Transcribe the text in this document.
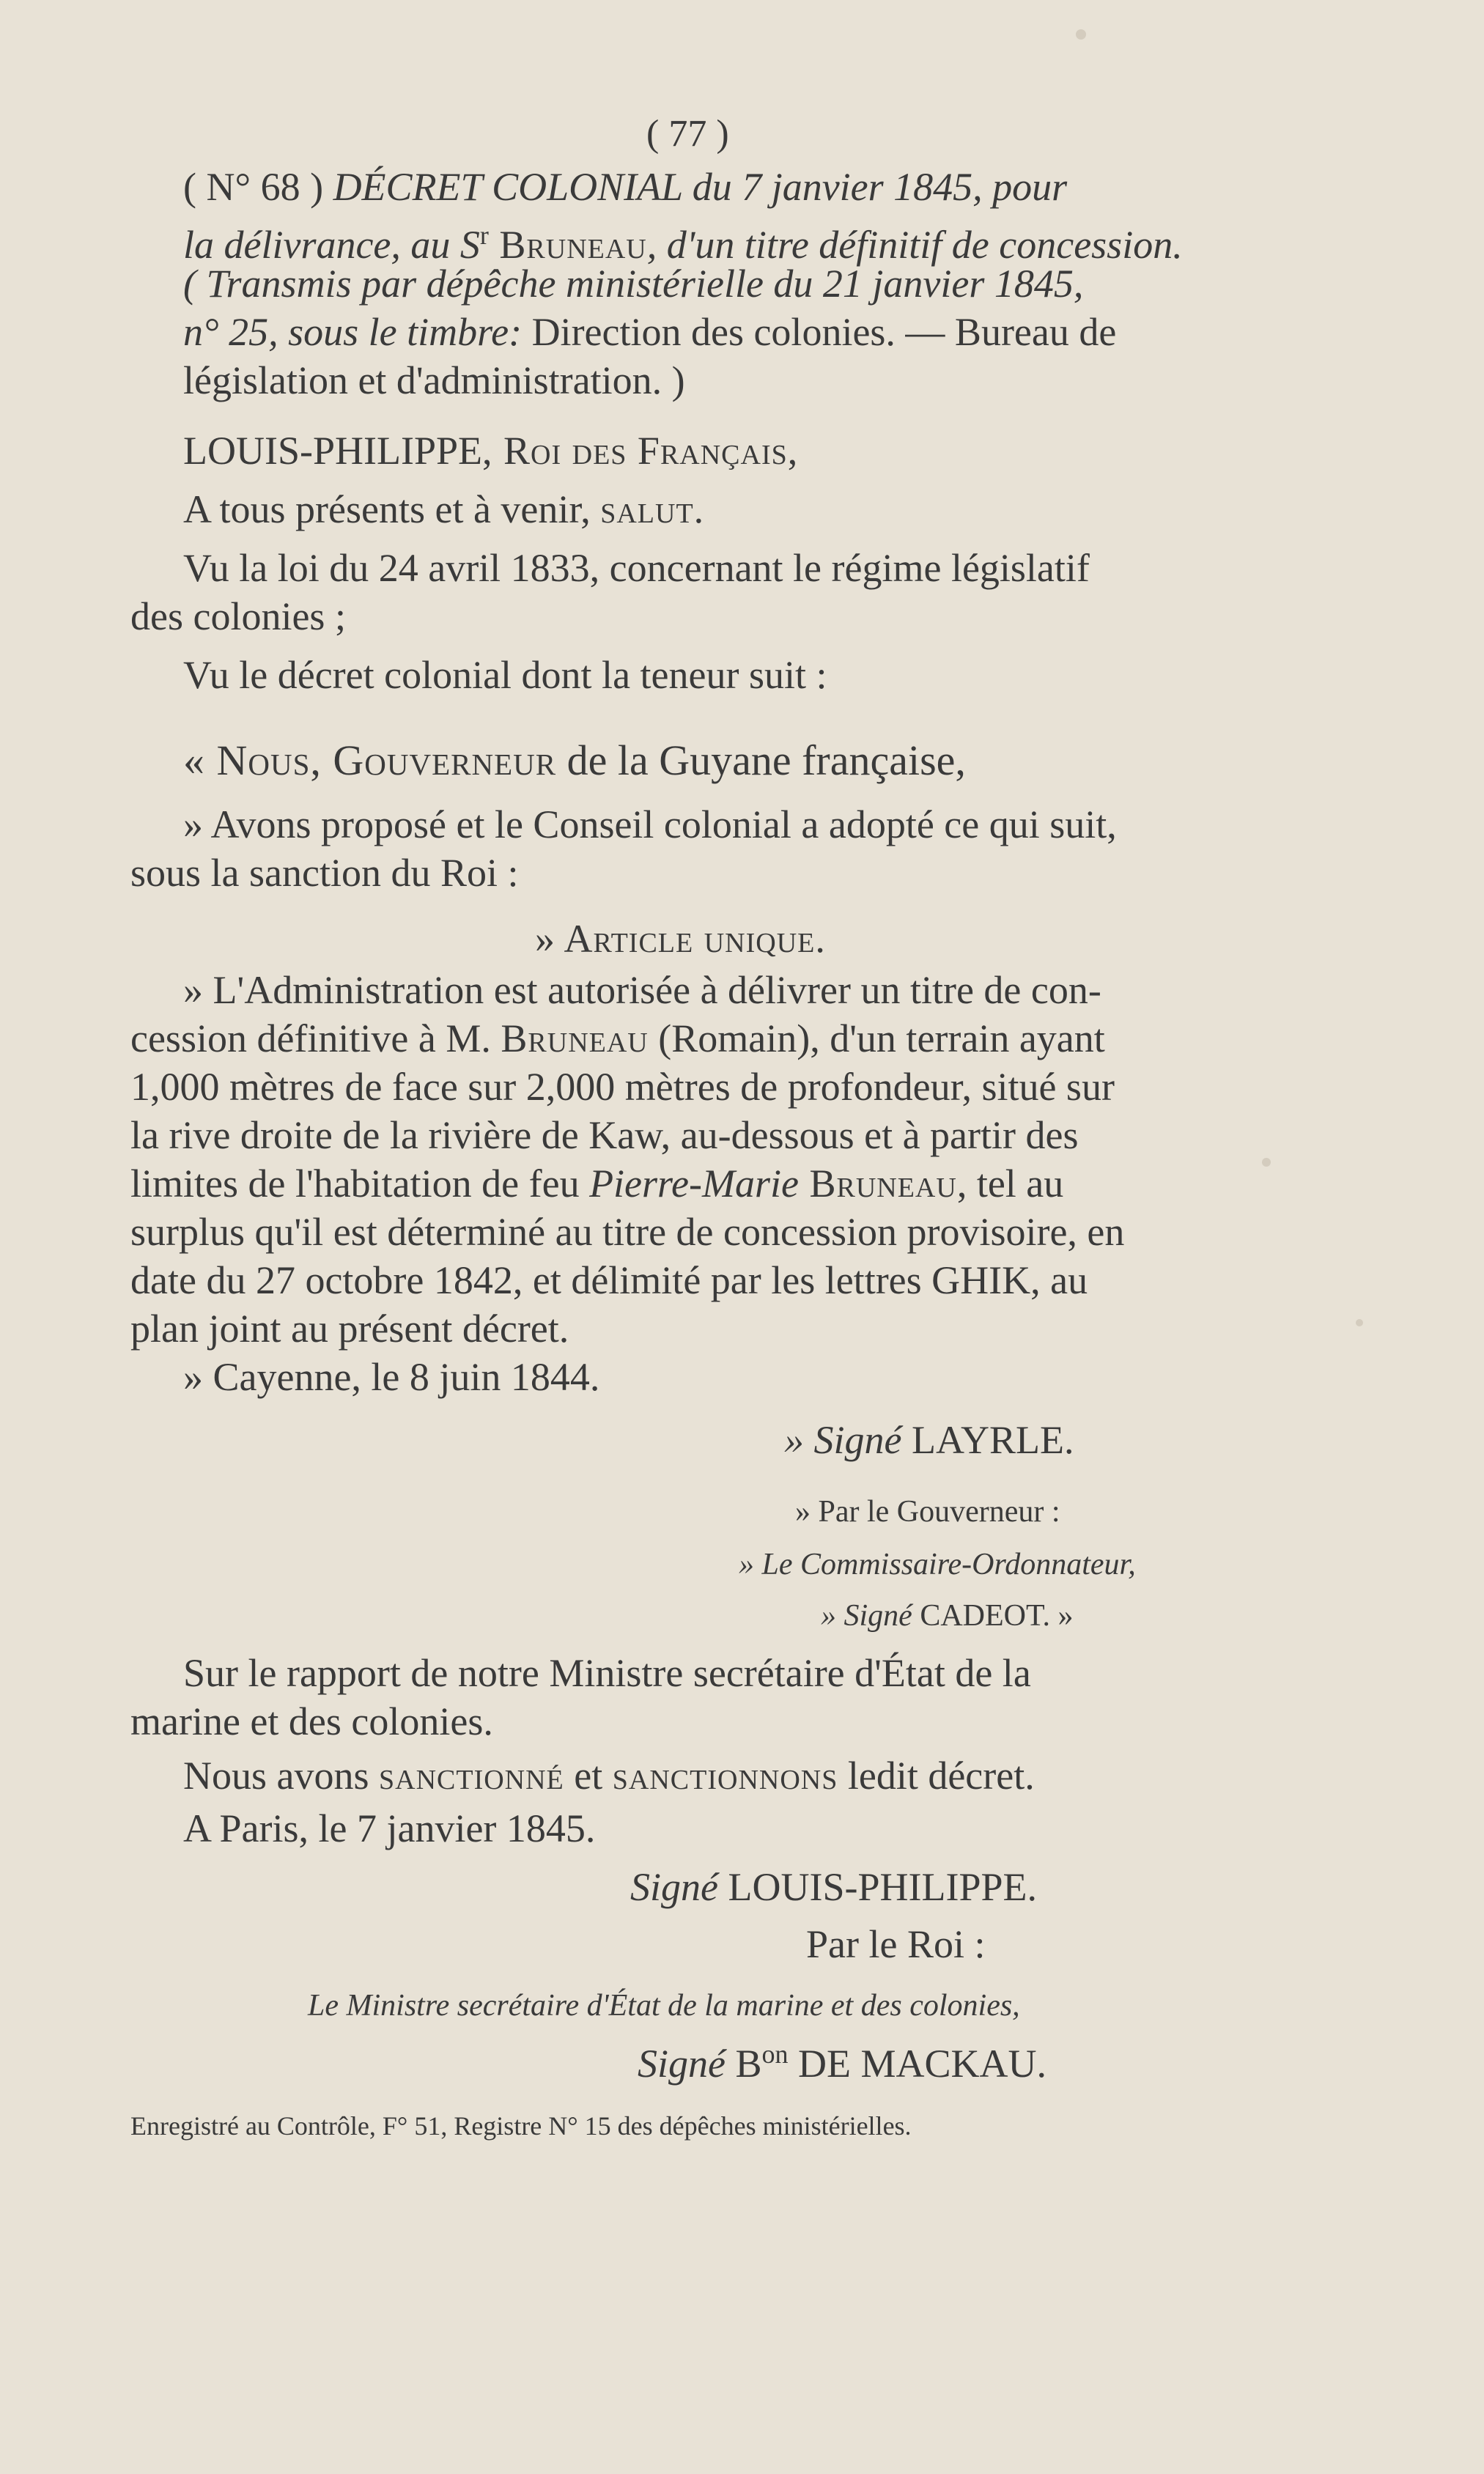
( 77 )
( N° 68 ) DÉCRET COLONIAL du 7 janvier 1845, pour
la délivrance, au $S^r$ Bruneau, d'un titre définitif de concession.
( Transmis par dépêche ministérielle du 21 janvier 1845,
n° 25, sous le timbre: Direction des colonies. — Bureau de
législation et d'administration. )
LOUIS-PHILIPPE, Roi des Français,
A tous présents et à venir, salut.
Vu la loi du 24 avril 1833, concernant le régime législatif
des colonies ;
Vu le décret colonial dont la teneur suit :
« Nous, Gouverneur de la Guyane française,
» Avons proposé et le Conseil colonial a adopté ce qui suit,
sous la sanction du Roi :
» Article unique.
» L'Administration est autorisée à délivrer un titre de con-
cession définitive à M. Bruneau (Romain), d'un terrain ayant
1,000 mètres de face sur 2,000 mètres de profondeur, situé sur
la rive droite de la rivière de Kaw, au-dessous et à partir des
limites de l'habitation de feu Pierre-Marie Bruneau, tel au
surplus qu'il est déterminé au titre de concession provisoire, en
date du 27 octobre 1842, et délimité par les lettres GHIK, au
plan joint au présent décret.
» Cayenne, le 8 juin 1844.
» Signé LAYRLE.
» Par le Gouverneur :
» Le Commissaire-Ordonnateur,
» Signé CADEOT. »
Sur le rapport de notre Ministre secrétaire d'État de la
marine et des colonies.
Nous avons sanctionné et sanctionnons ledit décret.
A Paris, le 7 janvier 1845.
Signé LOUIS-PHILIPPE.
Par le Roi :
Le Ministre secrétaire d'État de la marine et des colonies,
Signé $B^{on}$ DE MACKAU.
Enregistré au Contrôle, F° 51, Registre N° 15 des dépêches ministérielles.
